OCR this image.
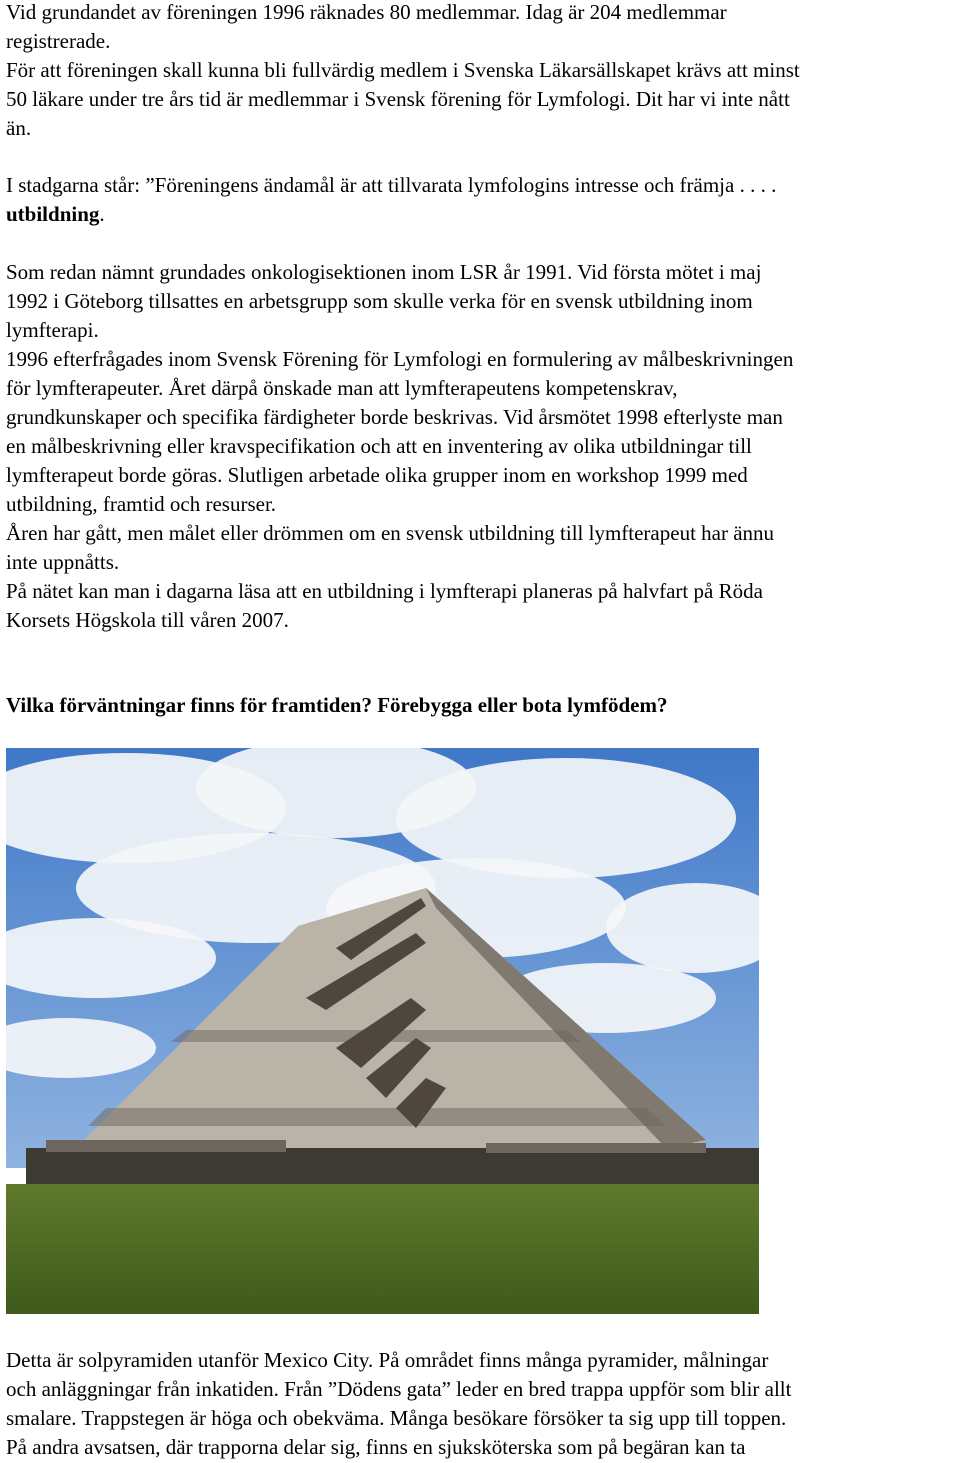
Vid grundandet av föreningen 1996 räknades 80 medlemmar. Idag är 204 medlemmar
registrerade.
För att föreningen skall kunna bli fullvärdig medlem i Svenska Läkarsällskapet krävs att minst
50 läkare under tre års tid är medlemmar i Svensk förening för Lymfologi. Dit har vi inte nått
än.
I stadgarna står: ”Föreningens ändamål är att tillvarata lymfologins intresse och främja . . . .
utbildning.
Som redan nämnt grundades onkologisektionen inom LSR år 1991. Vid första mötet i maj
1992 i Göteborg tillsattes en arbetsgrupp som skulle verka för en svensk utbildning inom
lymfterapi.
1996 efterfrågades inom Svensk Förening för Lymfologi en formulering av målbeskrivningen
för lymfterapeuter. Året därpå önskade man att lymfterapeutens kompetenskrav,
grundkunskaper och specifika färdigheter borde beskrivas. Vid årsmötet 1998 efterlyste man
en målbeskrivning eller kravspecifikation och att en inventering av olika utbildningar till
lymfterapeut borde göras. Slutligen arbetade olika grupper inom en workshop 1999 med
utbildning, framtid och resurser.
Åren har gått, men målet eller drömmen om en svensk utbildning till lymfterapeut har ännu
inte uppnåtts.
På nätet kan man i dagarna läsa att en utbildning i lymfterapi planeras på halvfart på Röda
Korsets Högskola till våren 2007.
Vilka förväntningar finns för framtiden? Förebygga eller bota lymfödem?
Detta är solpyramiden utanför Mexico City. På området finns många pyramider, målningar
och anläggningar från inkatiden. Från ”Dödens gata” leder en bred trappa uppför som blir allt
smalare. Trappstegen är höga och obekväma. Många besökare försöker ta sig upp till toppen.
På andra avsatsen, där trapporna delar sig, finns en sjuksköterska som på begäran kan ta
